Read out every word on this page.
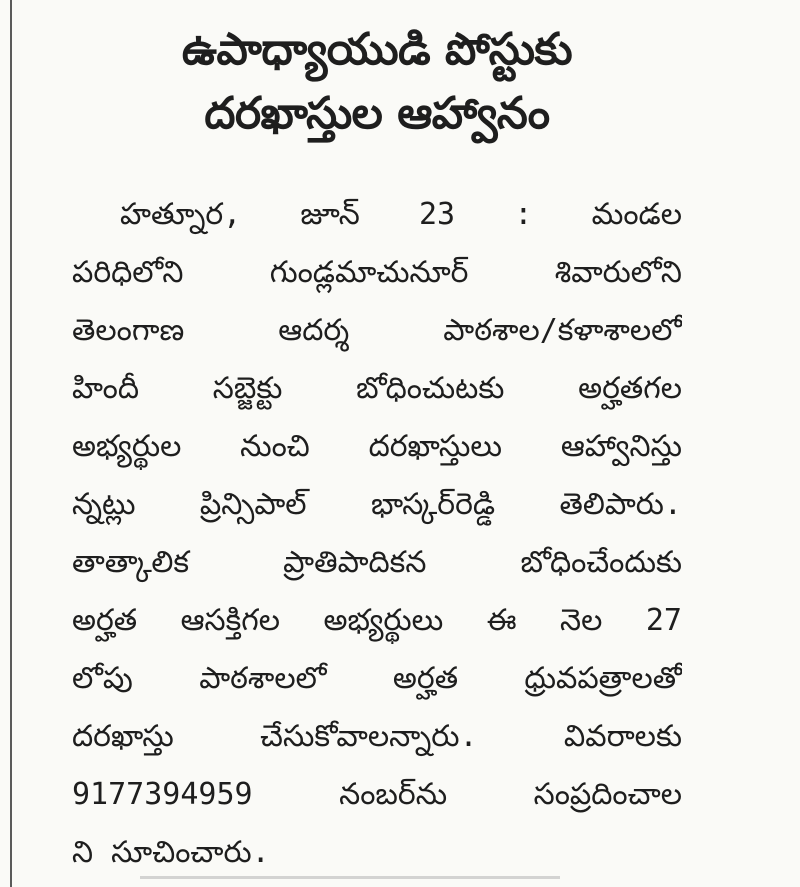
ఉపాధ్యాయుడి పోస్టుకు
దరఖాస్తుల ఆహ్వానం
హత్నూర, జూన్ 23 : మండల
పరిధిలోని గుండ్లమాచునూర్ శివారులోని
తెలంగాణ ఆదర్శ పాఠశాల/కళాశాలలో
హిందీ సబ్జెక్టు బోధించుటకు అర్హతగల
అభ్యర్థుల నుంచి దరఖాస్తులు ఆహ్వానిస్తు
న్నట్లు ప్రిన్సిపాల్ భాస్కర్‌రెడ్డి తెలిపారు.
తాత్కాలిక ప్రాతిపాదికన బోధించేందుకు
అర్హత ఆసక్తిగల అభ్యర్థులు ఈ నెల 27
లోపు పాఠశాలలో అర్హత ధ్రువపత్రాలతో
దరఖాస్తు చేసుకోవాలన్నారు. వివరాలకు
9177394959 నంబర్‌ను సంప్రదించాల
ని సూచించారు.
